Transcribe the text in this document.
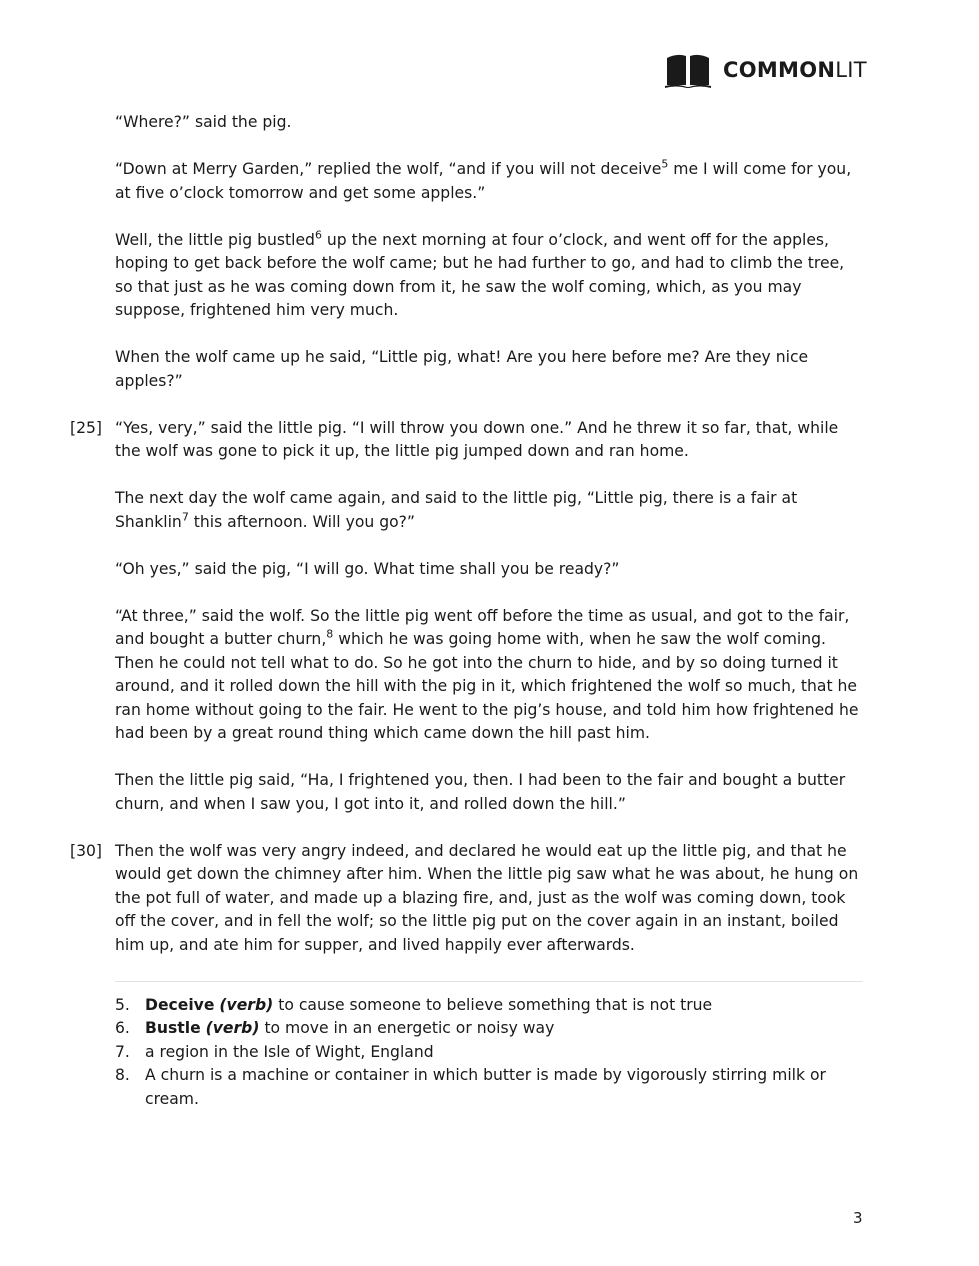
COMMONLIT

“Where?” said the pig.

“Down at Merry Garden,” replied the wolf, “and if you will not deceive$^5$ me I will come for you, at five o’clock tomorrow and get some apples.”

Well, the little pig bustled$^6$ up the next morning at four o’clock, and went off for the apples, hoping to get back before the wolf came; but he had further to go, and had to climb the tree, so that just as he was coming down from it, he saw the wolf coming, which, as you may suppose, frightened him very much.

When the wolf came up he said, “Little pig, what! Are you here before me? Are they nice apples?”

[25] “Yes, very,” said the little pig. “I will throw you down one.” And he threw it so far, that, while the wolf was gone to pick it up, the little pig jumped down and ran home.

The next day the wolf came again, and said to the little pig, “Little pig, there is a fair at Shanklin$^7$ this afternoon. Will you go?”

“Oh yes,” said the pig, “I will go. What time shall you be ready?”

“At three,” said the wolf. So the little pig went off before the time as usual, and got to the fair, and bought a butter churn,$^8$ which he was going home with, when he saw the wolf coming. Then he could not tell what to do. So he got into the churn to hide, and by so doing turned it around, and it rolled down the hill with the pig in it, which frightened the wolf so much, that he ran home without going to the fair. He went to the pig’s house, and told him how frightened he had been by a great round thing which came down the hill past him.

Then the little pig said, “Ha, I frightened you, then. I had been to the fair and bought a butter churn, and when I saw you, I got into it, and rolled down the hill.”

[30] Then the wolf was very angry indeed, and declared he would eat up the little pig, and that he would get down the chimney after him. When the little pig saw what he was about, he hung on the pot full of water, and made up a blazing fire, and, just as the wolf was coming down, took off the cover, and in fell the wolf; so the little pig put on the cover again in an instant, boiled him up, and ate him for supper, and lived happily ever afterwards.

5. Deceive (verb) to cause someone to believe something that is not true
6. Bustle (verb) to move in an energetic or noisy way
7. a region in the Isle of Wight, England
8. A churn is a machine or container in which butter is made by vigorously stirring milk or cream.
3
